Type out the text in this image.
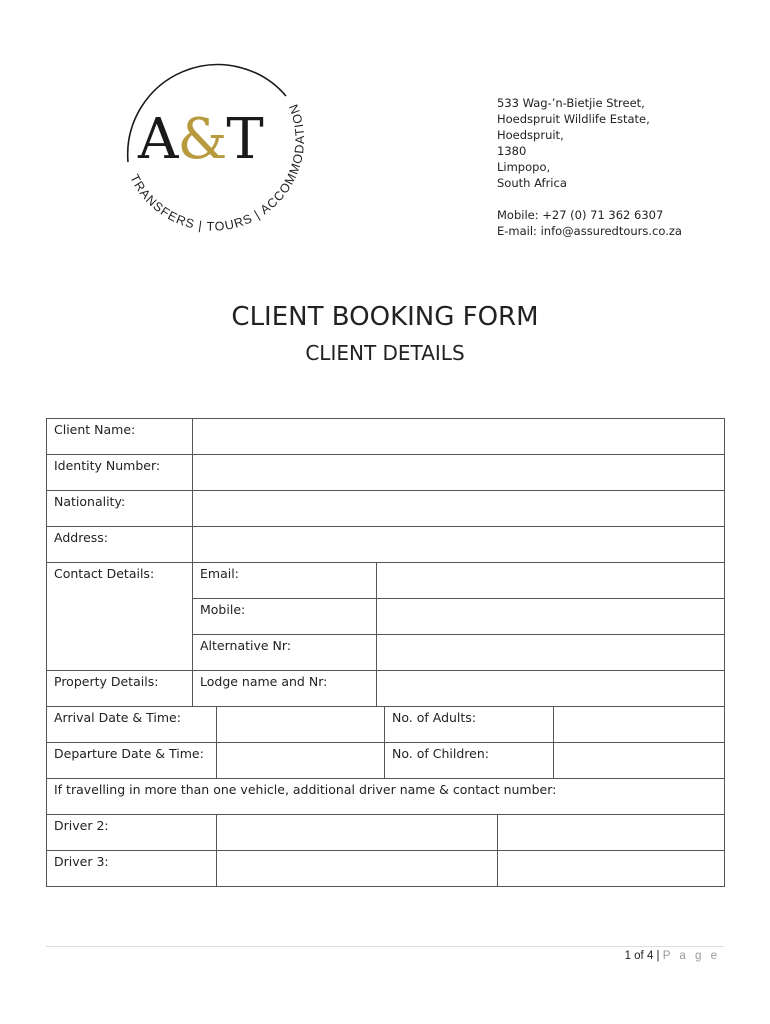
TRANSFERS | TOURS | ACCOMMODATION
A&T
533 Wag-’n-Bietjie Street,
Hoedspruit Wildlife Estate,
Hoedspruit,
1380
Limpopo,
South Africa
Mobile: +27 (0) 71 362 6307
E-mail: info@assuredtours.co.za
CLIENT BOOKING FORM
CLIENT DETAILS
Client Name:						
Identity Number:						
Nationality:						
Address:						
Contact Details:	Email:					
	Mobile:					
	Alternative Nr:					
Property Details:	Lodge name and Nr:					
Arrival Date & Time:				No. of Adults:		
Departure Date & Time:				No. of Children:		
If travelling in more than one vehicle, additional driver name & contact number:						
Driver 2:						
Driver 3:						
1 of 4 | P a g e
